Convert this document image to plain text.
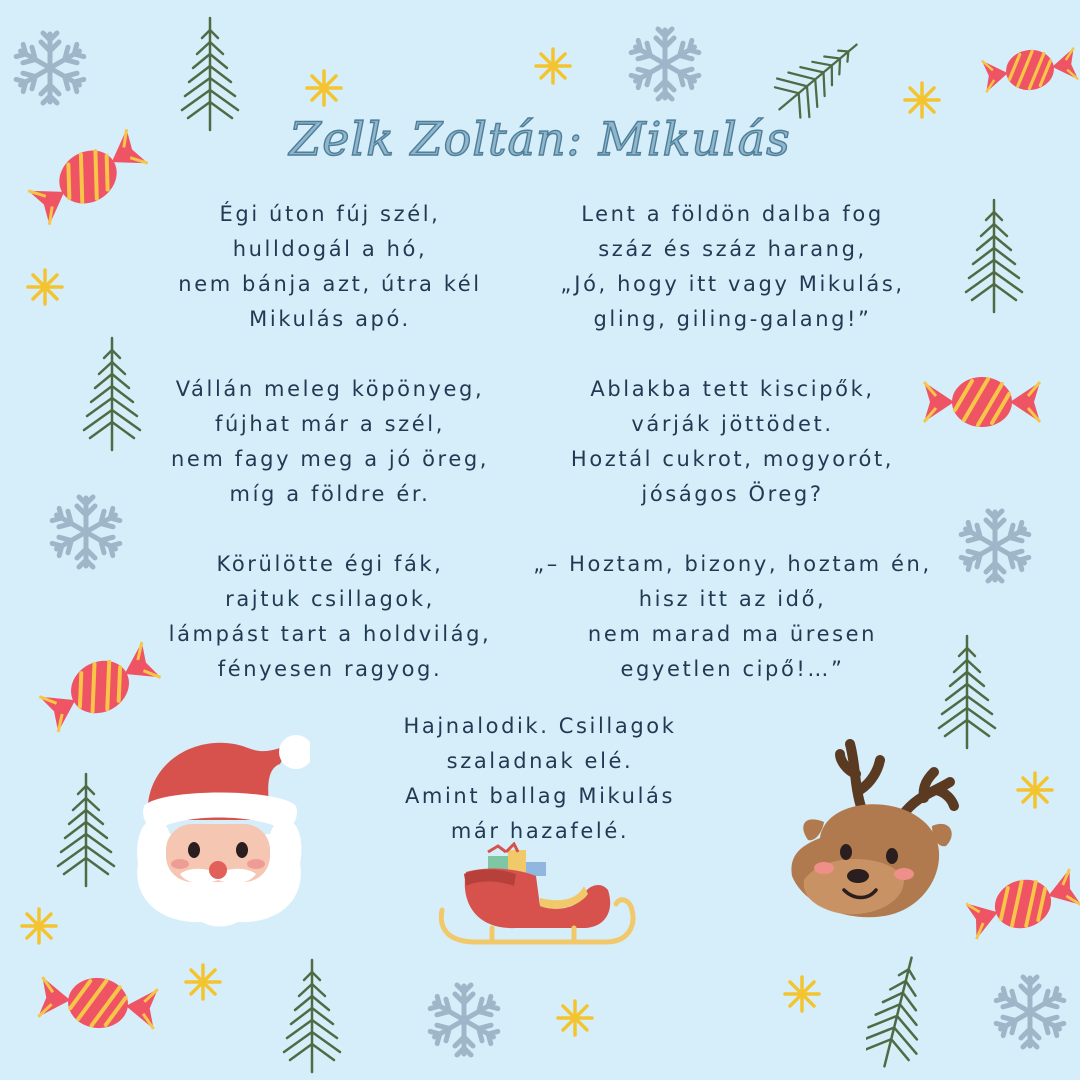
Zelk Zoltán: Mikulás
Égi úton fúj szél,
hulldogál a hó,
nem bánja azt, útra kél
Mikulás apó.
Lent a földön dalba fog
száz és száz harang,
„Jó, hogy itt vagy Mikulás,
gling, giling-galang!”
Vállán meleg köpönyeg,
fújhat már a szél,
nem fagy meg a jó öreg,
míg a földre ér.
Ablakba tett kiscipők,
várják jöttödet.
Hoztál cukrot, mogyorót,
jóságos Öreg?
Körülötte égi fák,
rajtuk csillagok,
lámpást tart a holdvilág,
fényesen ragyog.
„– Hoztam, bizony, hoztam én,
hisz itt az idő,
nem marad ma üresen
egyetlen cipő!…”
Hajnalodik. Csillagok
szaladnak elé.
Amint ballag Mikulás
már hazafelé.
